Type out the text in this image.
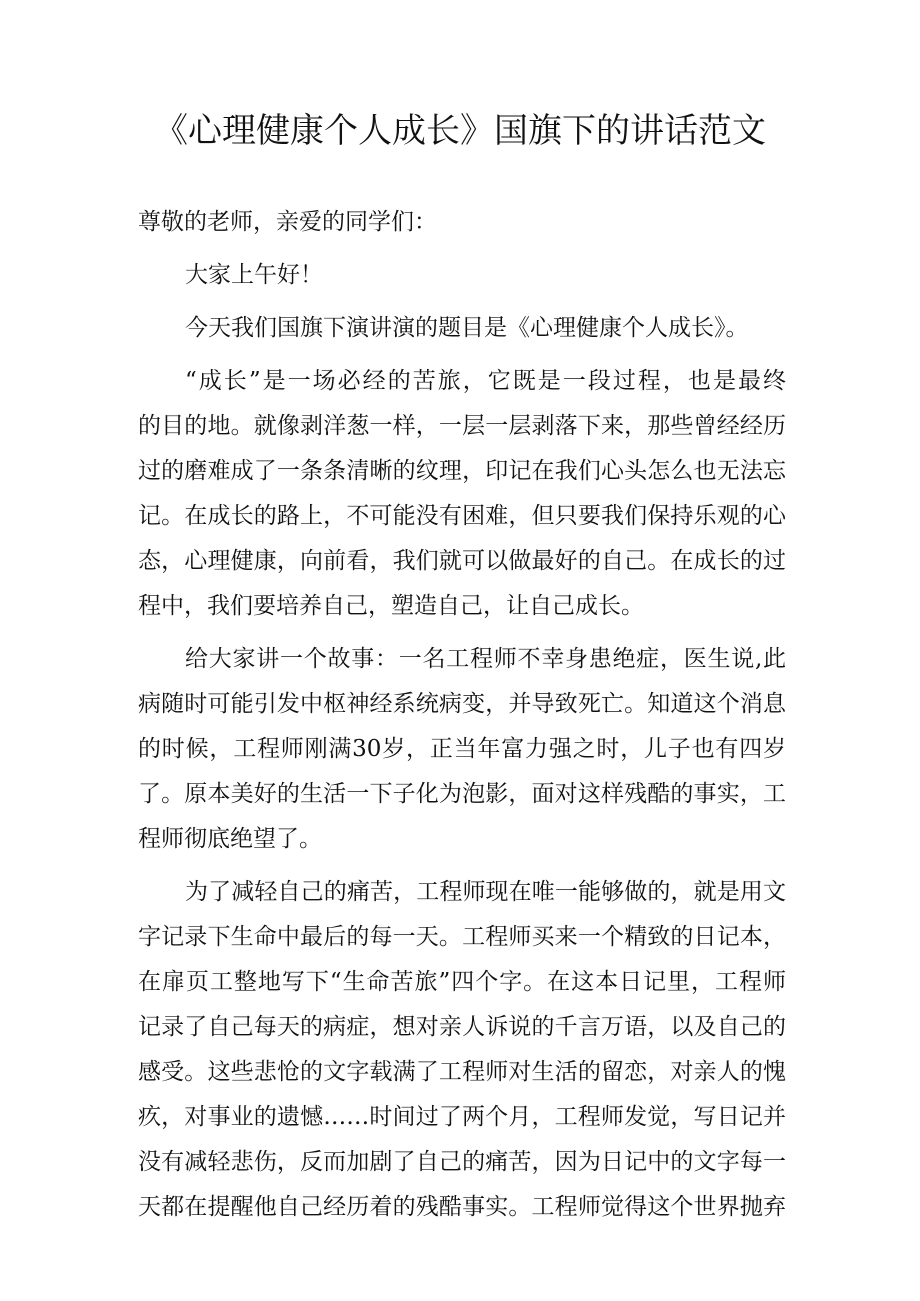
《心理健康个人成长》国旗下的讲话范文
尊敬的老师，亲爱的同学们：
大家上午好！
今天我们国旗下演讲演的题目是《心理健康个人成长》。
“成长”是一场必经的苦旅，它既是一段过程，也是最终
的目的地。就像剥洋葱一样，一层一层剥落下来，那些曾经经历
过的磨难成了一条条清晰的纹理，印记在我们心头怎么也无法忘
记。在成长的路上，不可能没有困难，但只要我们保持乐观的心
态，心理健康，向前看，我们就可以做最好的自己。在成长的过
程中，我们要培养自己，塑造自己，让自己成长。
给大家讲一个故事：一名工程师不幸身患绝症，医生说,此
病随时可能引发中枢神经系统病变，并导致死亡。知道这个消息
的时候，工程师刚满30岁，正当年富力强之时，儿子也有四岁
了。原本美好的生活一下子化为泡影，面对这样残酷的事实，工
程师彻底绝望了。
为了减轻自己的痛苦，工程师现在唯一能够做的，就是用文
字记录下生命中最后的每一天。工程师买来一个精致的日记本，
在扉页工整地写下“生命苦旅”四个字。在这本日记里，工程师
记录了自己每天的病症，想对亲人诉说的千言万语，以及自己的
感受。这些悲怆的文字载满了工程师对生活的留恋，对亲人的愧
疚，对事业的遗憾……时间过了两个月，工程师发觉，写日记并
没有减轻悲伤，反而加剧了自己的痛苦，因为日记中的文字每一
天都在提醒他自己经历着的残酷事实。工程师觉得这个世界抛弃
